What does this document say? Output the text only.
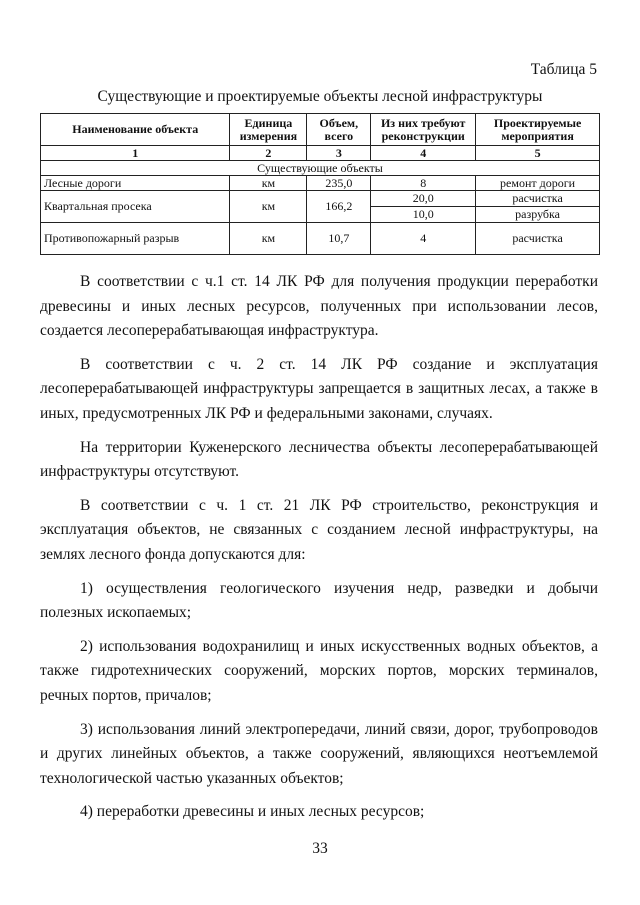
Таблица 5
Существующие и проектируемые объекты лесной инфраструктуры
Наименование объекта	Единица измерения	Объем, всего	Из них требуют реконструкции	Проектируемые мероприятия
1	2	3	4	5
Существующие объекты				
Лесные дороги	км	235,0	8	ремонт дороги
Квартальная просека	км	166,2	20,0	расчистка
			10,0	разрубка
Противопожарный разрыв	км	10,7	4	расчистка

В соответствии с ч.1 ст. 14 ЛК РФ для получения продукции переработки древесины и иных лесных ресурсов, полученных при использовании лесов, создается лесоперерабатывающая инфраструктура.

В соответствии с ч. 2 ст. 14 ЛК РФ создание и эксплуатация лесоперерабатывающей инфраструктуры запрещается в защитных лесах, а также в иных, предусмотренных ЛК РФ и федеральными законами, случаях.

На территории Куженерского лесничества объекты лесоперерабатывающей инфраструктуры отсутствуют.

В соответствии с ч. 1 ст. 21 ЛК РФ строительство, реконструкция и эксплуатация объектов, не связанных с созданием лесной инфраструктуры, на землях лесного фонда допускаются для:

1) осуществления геологического изучения недр, разведки и добычи полезных ископаемых;

2) использования водохранилищ и иных искусственных водных объектов, а также гидротехнических сооружений, морских портов, морских терминалов, речных портов, причалов;

3) использования линий электропередачи, линий связи, дорог, трубопроводов и других линейных объектов, а также сооружений, являющихся неотъемлемой технологической частью указанных объектов;

4) переработки древесины и иных лесных ресурсов;

33
